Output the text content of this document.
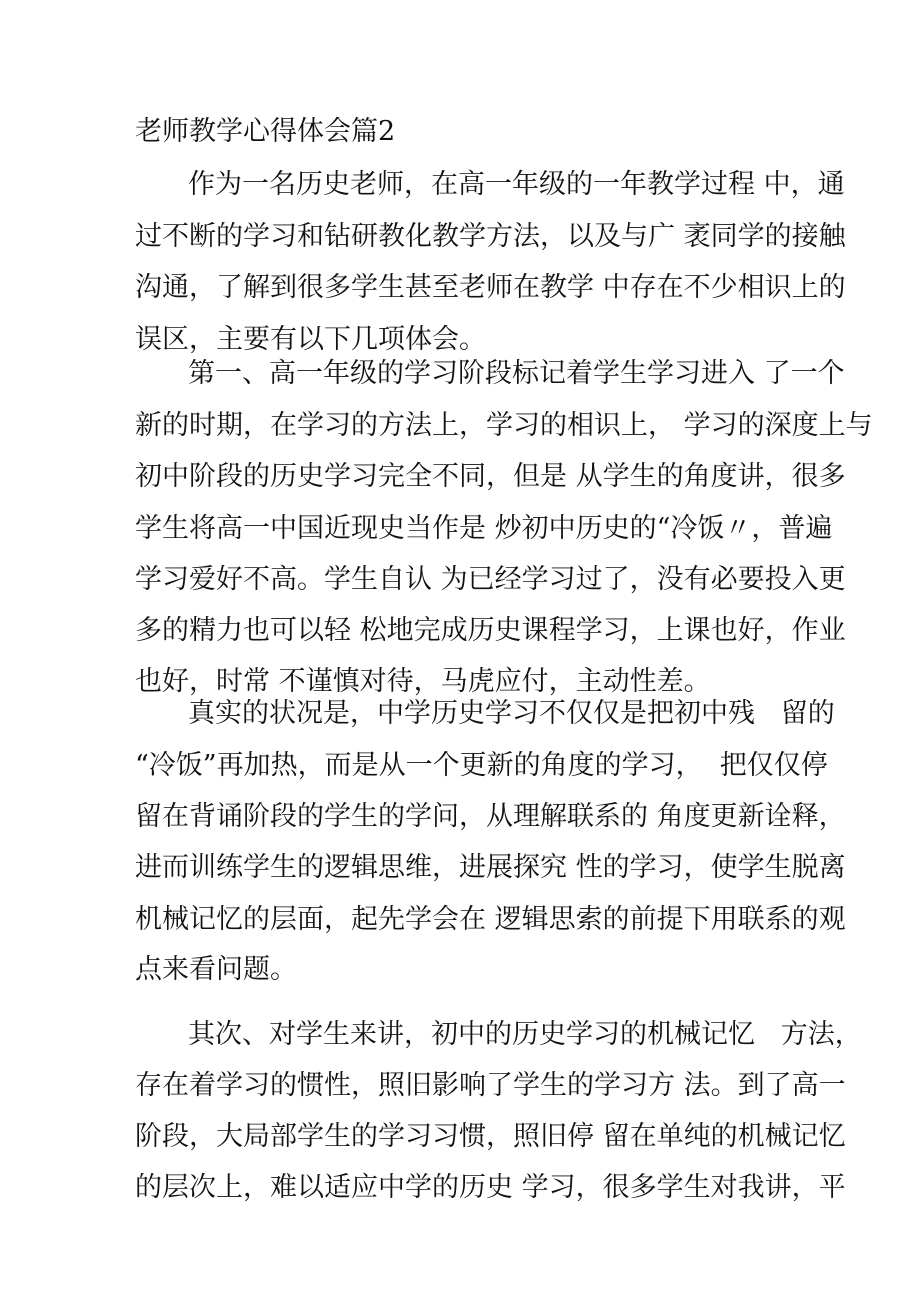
老师教学心得体会篇2
作为一名历史老师，在高一年级的一年教学过程 中，通
过不断的学习和钻研教化教学方法，以及与广 袤同学的接触
沟通，了解到很多学生甚至老师在教学 中存在不少相识上的
误区，主要有以下几项体会。
第一、高一年级的学习阶段标记着学生学习进入 了一个
新的时期，在学习的方法上，学习的相识上， 学习的深度上与
初中阶段的历史学习完全不同，但是 从学生的角度讲，很多
学生将高一中国近现史当作是 炒初中历史的“冷饭〃，普遍
学习爱好不高。学生自认 为已经学习过了，没有必要投入更
多的精力也可以轻 松地完成历史课程学习，上课也好，作业
也好，时常 不谨慎对待，马虎应付，主动性差。
真实的状况是，中学历史学习不仅仅是把初中残   留的
“冷饭”再加热，而是从一个更新的角度的学习，  把仅仅停
留在背诵阶段的学生的学问，从理解联系的 角度更新诠释，
进而训练学生的逻辑思维，进展探究 性的学习，使学生脱离
机械记忆的层面，起先学会在 逻辑思索的前提下用联系的观
点来看问题。
其次、对学生来讲，初中的历史学习的机械记忆   方法，
存在着学习的惯性，照旧影响了学生的学习方 法。到了高一
阶段，大局部学生的学习习惯，照旧停 留在单纯的机械记忆
的层次上，难以适应中学的历史 学习，很多学生对我讲，平
